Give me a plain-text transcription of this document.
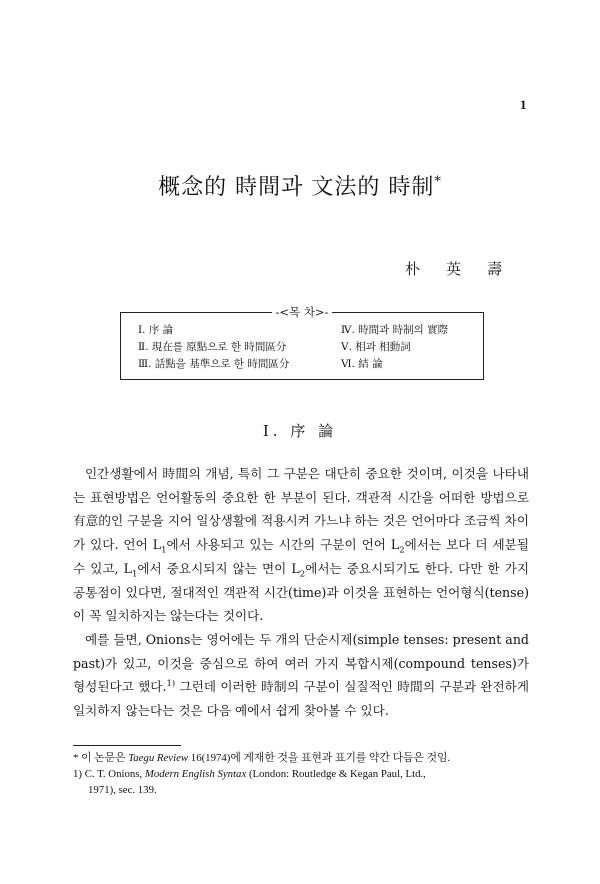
1
概念的 時間과 文法的 時制*
朴英壽
-<목 차>-
Ⅰ. 序 論
Ⅱ. 現在를 原點으로 한 時間區分
Ⅲ. 話點을 基準으로 한 時間區分
Ⅳ. 時間과 時制의 實際
Ⅴ. 相과 相動詞
Ⅵ. 結 論
Ⅰ. 序 論

인간생활에서 時間의 개념, 특히 그 구분은 대단히 중요한 것이며, 이것을 나타내는 표현방법은 언어활동의 중요한 한 부분이 된다. 객관적 시간을 어떠한 방법으로 有意的인 구분을 지어 일상생활에 적용시켜 가느냐 하는 것은 언어마다 조금씩 차이가 있다. 언어 $L_1$에서 사용되고 있는 시간의 구분이 언어 $L_2$에서는 보다 더 세분될 수 있고, $L_1$에서 중요시되지 않는 면이 $L_2$에서는 중요시되기도 한다. 다만 한 가지 공통점이 있다면, 절대적인 객관적 시간(time)과 이것을 표현하는 언어형식(tense)이 꼭 일치하지는 않는다는 것이다.

예를 들면, Onions는 영어에는 두 개의 단순시제(simple tenses: present and past)가 있고, 이것을 중심으로 하여 여러 가지 복합시제(compound tenses)가 형성된다고 했다.$^{1)}$ 그런데 이러한 時制의 구분이 실질적인 時間의 구분과 완전하게 일치하지 않는다는 것은 다음 예에서 쉽게 찾아볼 수 있다.

* 이 논문은 Taegu Review 16(1974)에 게재한 것을 표현과 표기를 약간 다듬은 것임.
1) C. T. Onions, Modern English Syntax (London: Routledge & Kegan Paul, Ltd.,
1971), sec. 139.
